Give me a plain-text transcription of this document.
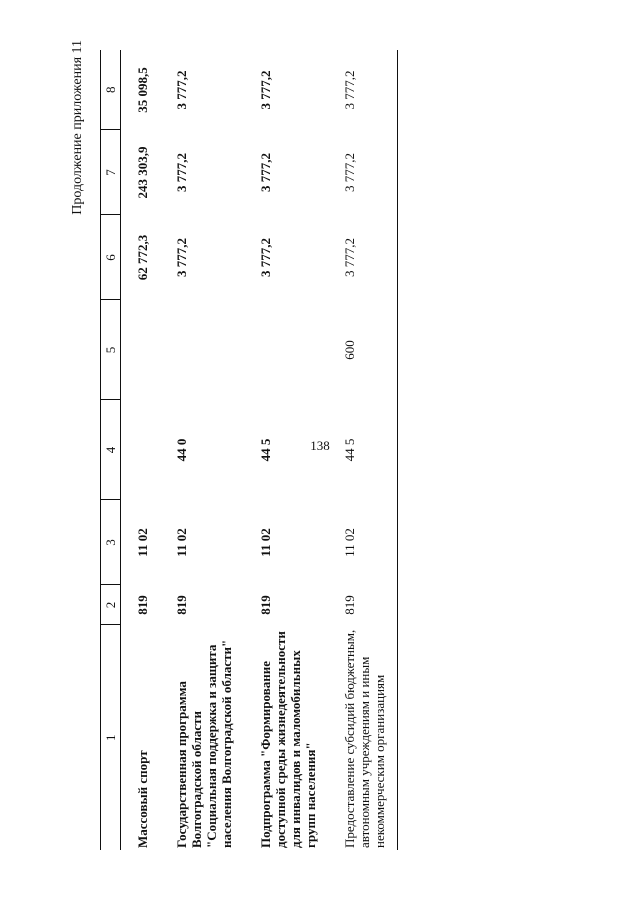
138
Продолжение приложения 11
1	2	3	4	5	6	7	8
Массовый спорт	819	11 02			62 772,3	243 303,9	35 098,5
Государственная программа Волгоградской области "Социальная поддержка и защита населения Волгоградской области"	819	11 02	44 0		3 777,2	3 777,2	3 777,2
Подпрограмма "Формирование доступной среды жизнедеятельности для инвалидов и маломобильных групп населения"	819	11 02	44 5		3 777,2	3 777,2	3 777,2
Предоставление субсидий бюджетным, автономным учреждениям и иным некоммерческим организациям	819	11 02	44 5	600	3 777,2	3 777,2	3 777,2
